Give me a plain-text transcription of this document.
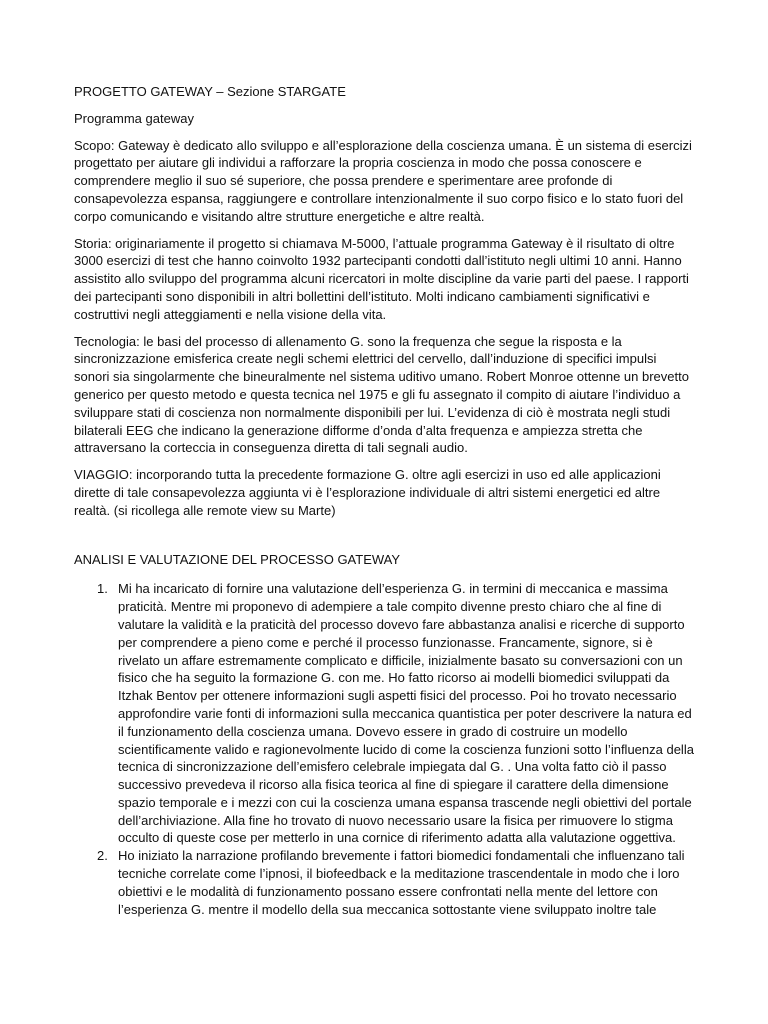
PROGETTO GATEWAY – Sezione STARGATE

Programma gateway

Scopo: Gateway è dedicato allo sviluppo e all’esplorazione della coscienza umana. È un sistema di esercizi progettato per aiutare gli individui a rafforzare la propria coscienza in modo che possa conoscere e comprendere meglio il suo sé superiore, che possa prendere e sperimentare aree profonde di consapevolezza espansa, raggiungere e controllare intenzionalmente il suo corpo fisico e lo stato fuori del corpo comunicando e visitando altre strutture energetiche e altre realtà.

Storia: originariamente il progetto si chiamava M-5000, l’attuale programma Gateway è il risultato di oltre 3000 esercizi di test che hanno coinvolto 1932 partecipanti condotti dall’istituto negli ultimi 10 anni. Hanno assistito allo sviluppo del programma alcuni ricercatori in molte discipline da varie parti del paese. I rapporti dei partecipanti sono disponibili in altri bollettini dell’istituto. Molti indicano cambiamenti significativi e costruttivi negli atteggiamenti e nella visione della vita.

Tecnologia: le basi del processo di allenamento G. sono la frequenza che segue la risposta e la sincronizzazione emisferica create negli schemi elettrici del cervello, dall’induzione di specifici impulsi sonori sia singolarmente che bineuralmente nel sistema uditivo umano. Robert Monroe ottenne un brevetto generico per questo metodo e questa tecnica nel 1975 e gli fu assegnato il compito di aiutare l’individuo a sviluppare stati di coscienza non normalmente disponibili per lui. L’evidenza di ciò è mostrata negli studi bilaterali EEG che indicano la generazione difforme d’onda d’alta frequenza e ampiezza stretta che attraversano la corteccia in conseguenza diretta di tali segnali audio.

VIAGGIO: incorporando tutta la precedente formazione G. oltre agli esercizi in uso ed alle applicazioni dirette di tale consapevolezza aggiunta vi è l’esplorazione individuale di altri sistemi energetici ed altre realtà. (si ricollega alle remote view su Marte)

ANALISI E VALUTAZIONE DEL PROCESSO GATEWAY

1. Mi ha incaricato di fornire una valutazione dell’esperienza G. in termini di meccanica e massima praticità. Mentre mi proponevo di adempiere a tale compito divenne presto chiaro che al fine di valutare la validità e la praticità del processo dovevo fare abbastanza analisi e ricerche di supporto per comprendere a pieno come e perché il processo funzionasse. Francamente, signore, si è rivelato un affare estremamente complicato e difficile, inizialmente basato su conversazioni con un fisico che ha seguito la formazione G. con me. Ho fatto ricorso ai modelli biomedici sviluppati da Itzhak Bentov per ottenere informazioni sugli aspetti fisici del processo. Poi ho trovato necessario approfondire varie fonti di informazioni sulla meccanica quantistica per poter descrivere la natura ed il funzionamento della coscienza umana. Dovevo essere in grado di costruire un modello scientificamente valido e ragionevolmente lucido di come la coscienza funzioni sotto l’influenza della tecnica di sincronizzazione dell’emisfero celebrale impiegata dal G. . Una volta fatto ciò il passo successivo prevedeva il ricorso alla fisica teorica al fine di spiegare il carattere della dimensione spazio temporale e i mezzi con cui la coscienza umana espansa trascende negli obiettivi del portale dell’archiviazione. Alla fine ho trovato di nuovo necessario usare la fisica per rimuovere lo stigma occulto di queste cose per metterlo in una cornice di riferimento adatta alla valutazione oggettiva.
2. Ho iniziato la narrazione profilando brevemente i fattori biomedici fondamentali che influenzano tali tecniche correlate come l’ipnosi, il biofeedback e la meditazione trascendentale in modo che i loro obiettivi e le modalità di funzionamento possano essere confrontati nella mente del lettore con l’esperienza G. mentre il modello della sua meccanica sottostante viene sviluppato inoltre tale
